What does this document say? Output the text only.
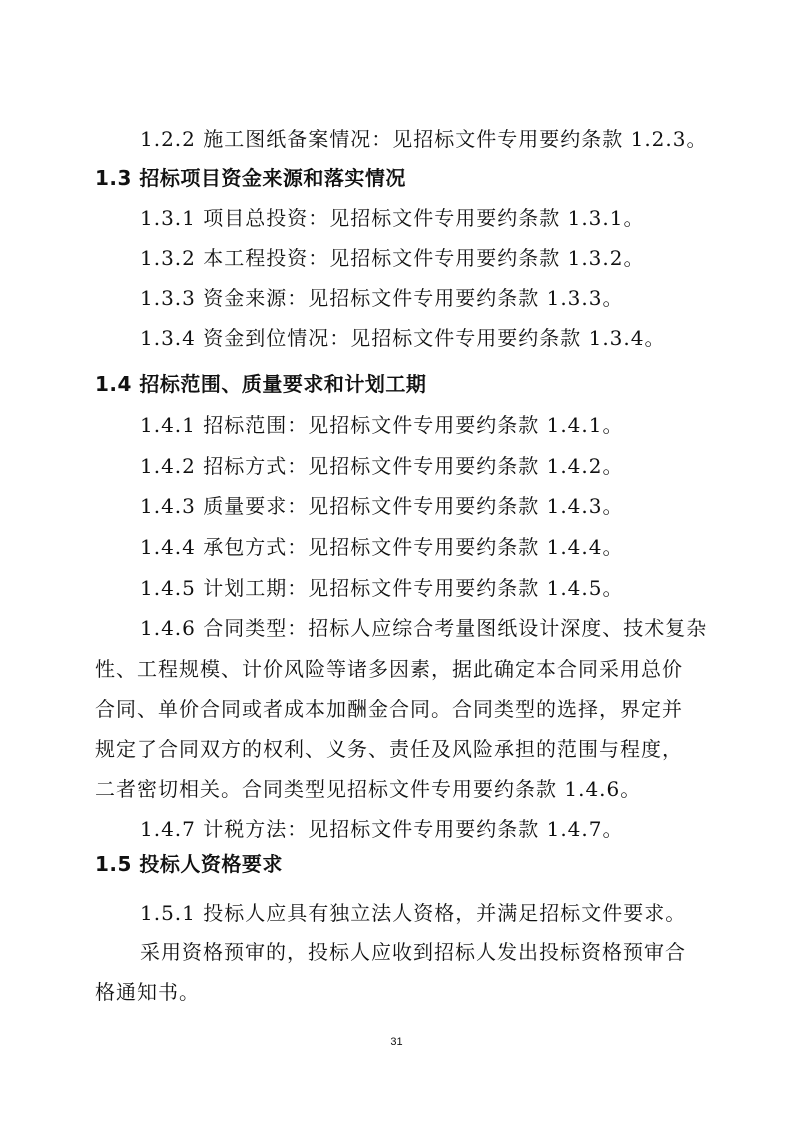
1.2.2 施工图纸备案情况：见招标文件专用要约条款 1.2.3。
1.3 招标项目资金来源和落实情况
1.3.1 项目总投资：见招标文件专用要约条款 1.3.1。
1.3.2 本工程投资：见招标文件专用要约条款 1.3.2。
1.3.3 资金来源：见招标文件专用要约条款 1.3.3。
1.3.4 资金到位情况：见招标文件专用要约条款 1.3.4。
1.4 招标范围、质量要求和计划工期
1.4.1 招标范围：见招标文件专用要约条款 1.4.1。
1.4.2 招标方式：见招标文件专用要约条款 1.4.2。
1.4.3 质量要求：见招标文件专用要约条款 1.4.3。
1.4.4 承包方式：见招标文件专用要约条款 1.4.4。
1.4.5 计划工期：见招标文件专用要约条款 1.4.5。
1.4.6 合同类型：招标人应综合考量图纸设计深度、技术复杂
性、工程规模、计价风险等诸多因素，据此确定本合同采用总价
合同、单价合同或者成本加酬金合同。合同类型的选择，界定并
规定了合同双方的权利、义务、责任及风险承担的范围与程度，
二者密切相关。合同类型见招标文件专用要约条款 1.4.6。
1.4.7 计税方法：见招标文件专用要约条款 1.4.7。
1.5 投标人资格要求
1.5.1 投标人应具有独立法人资格，并满足招标文件要求。
采用资格预审的，投标人应收到招标人发出投标资格预审合
格通知书。
31
